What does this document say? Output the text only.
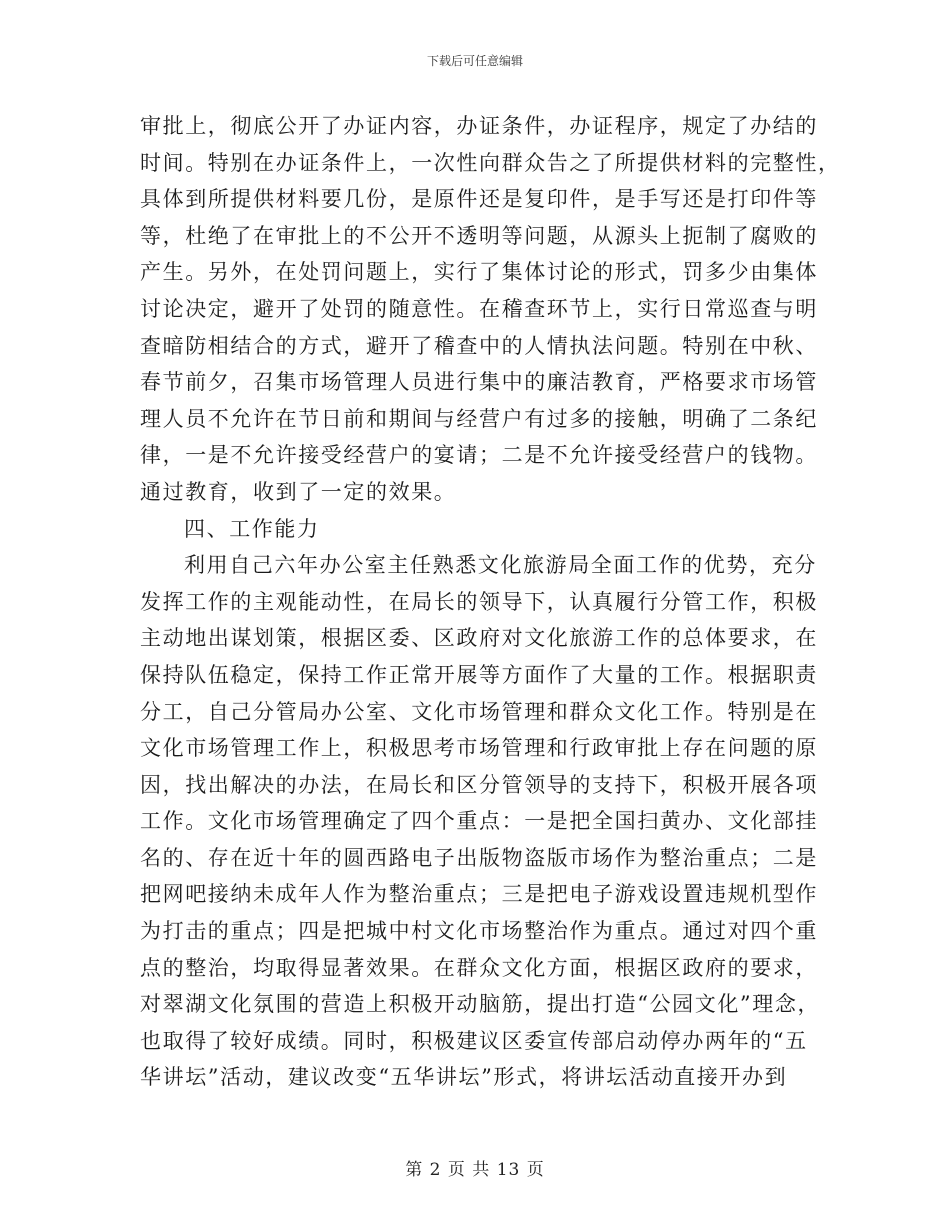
下载后可任意编辑
审批上，彻底公开了办证内容，办证条件，办证程序，规定了办结的
时间。特别在办证条件上，一次性向群众告之了所提供材料的完整性，
具体到所提供材料要几份，是原件还是复印件，是手写还是打印件等
等，杜绝了在审批上的不公开不透明等问题，从源头上扼制了腐败的
产生。另外，在处罚问题上，实行了集体讨论的形式，罚多少由集体
讨论决定，避开了处罚的随意性。在稽查环节上，实行日常巡查与明
查暗防相结合的方式，避开了稽查中的人情执法问题。特别在中秋、
春节前夕，召集市场管理人员进行集中的廉洁教育，严格要求市场管
理人员不允许在节日前和期间与经营户有过多的接触，明确了二条纪
律，一是不允许接受经营户的宴请；二是不允许接受经营户的钱物。
通过教育，收到了一定的效果。
四、工作能力
利用自己六年办公室主任熟悉文化旅游局全面工作的优势，充分
发挥工作的主观能动性，在局长的领导下，认真履行分管工作，积极
主动地出谋划策，根据区委、区政府对文化旅游工作的总体要求，在
保持队伍稳定，保持工作正常开展等方面作了大量的工作。根据职责
分工，自己分管局办公室、文化市场管理和群众文化工作。特别是在
文化市场管理工作上，积极思考市场管理和行政审批上存在问题的原
因，找出解决的办法，在局长和区分管领导的支持下，积极开展各项
工作。文化市场管理确定了四个重点：一是把全国扫黄办、文化部挂
名的、存在近十年的圆西路电子出版物盗版市场作为整治重点；二是
把网吧接纳未成年人作为整治重点；三是把电子游戏设置违规机型作
为打击的重点；四是把城中村文化市场整治作为重点。通过对四个重
点的整治，均取得显著效果。在群众文化方面，根据区政府的要求，
对翠湖文化氛围的营造上积极开动脑筋，提出打造“公园文化”理念，
也取得了较好成绩。同时，积极建议区委宣传部启动停办两年的“五
华讲坛”活动，建议改变“五华讲坛”形式，将讲坛活动直接开办到
第 2 页 共 13 页
